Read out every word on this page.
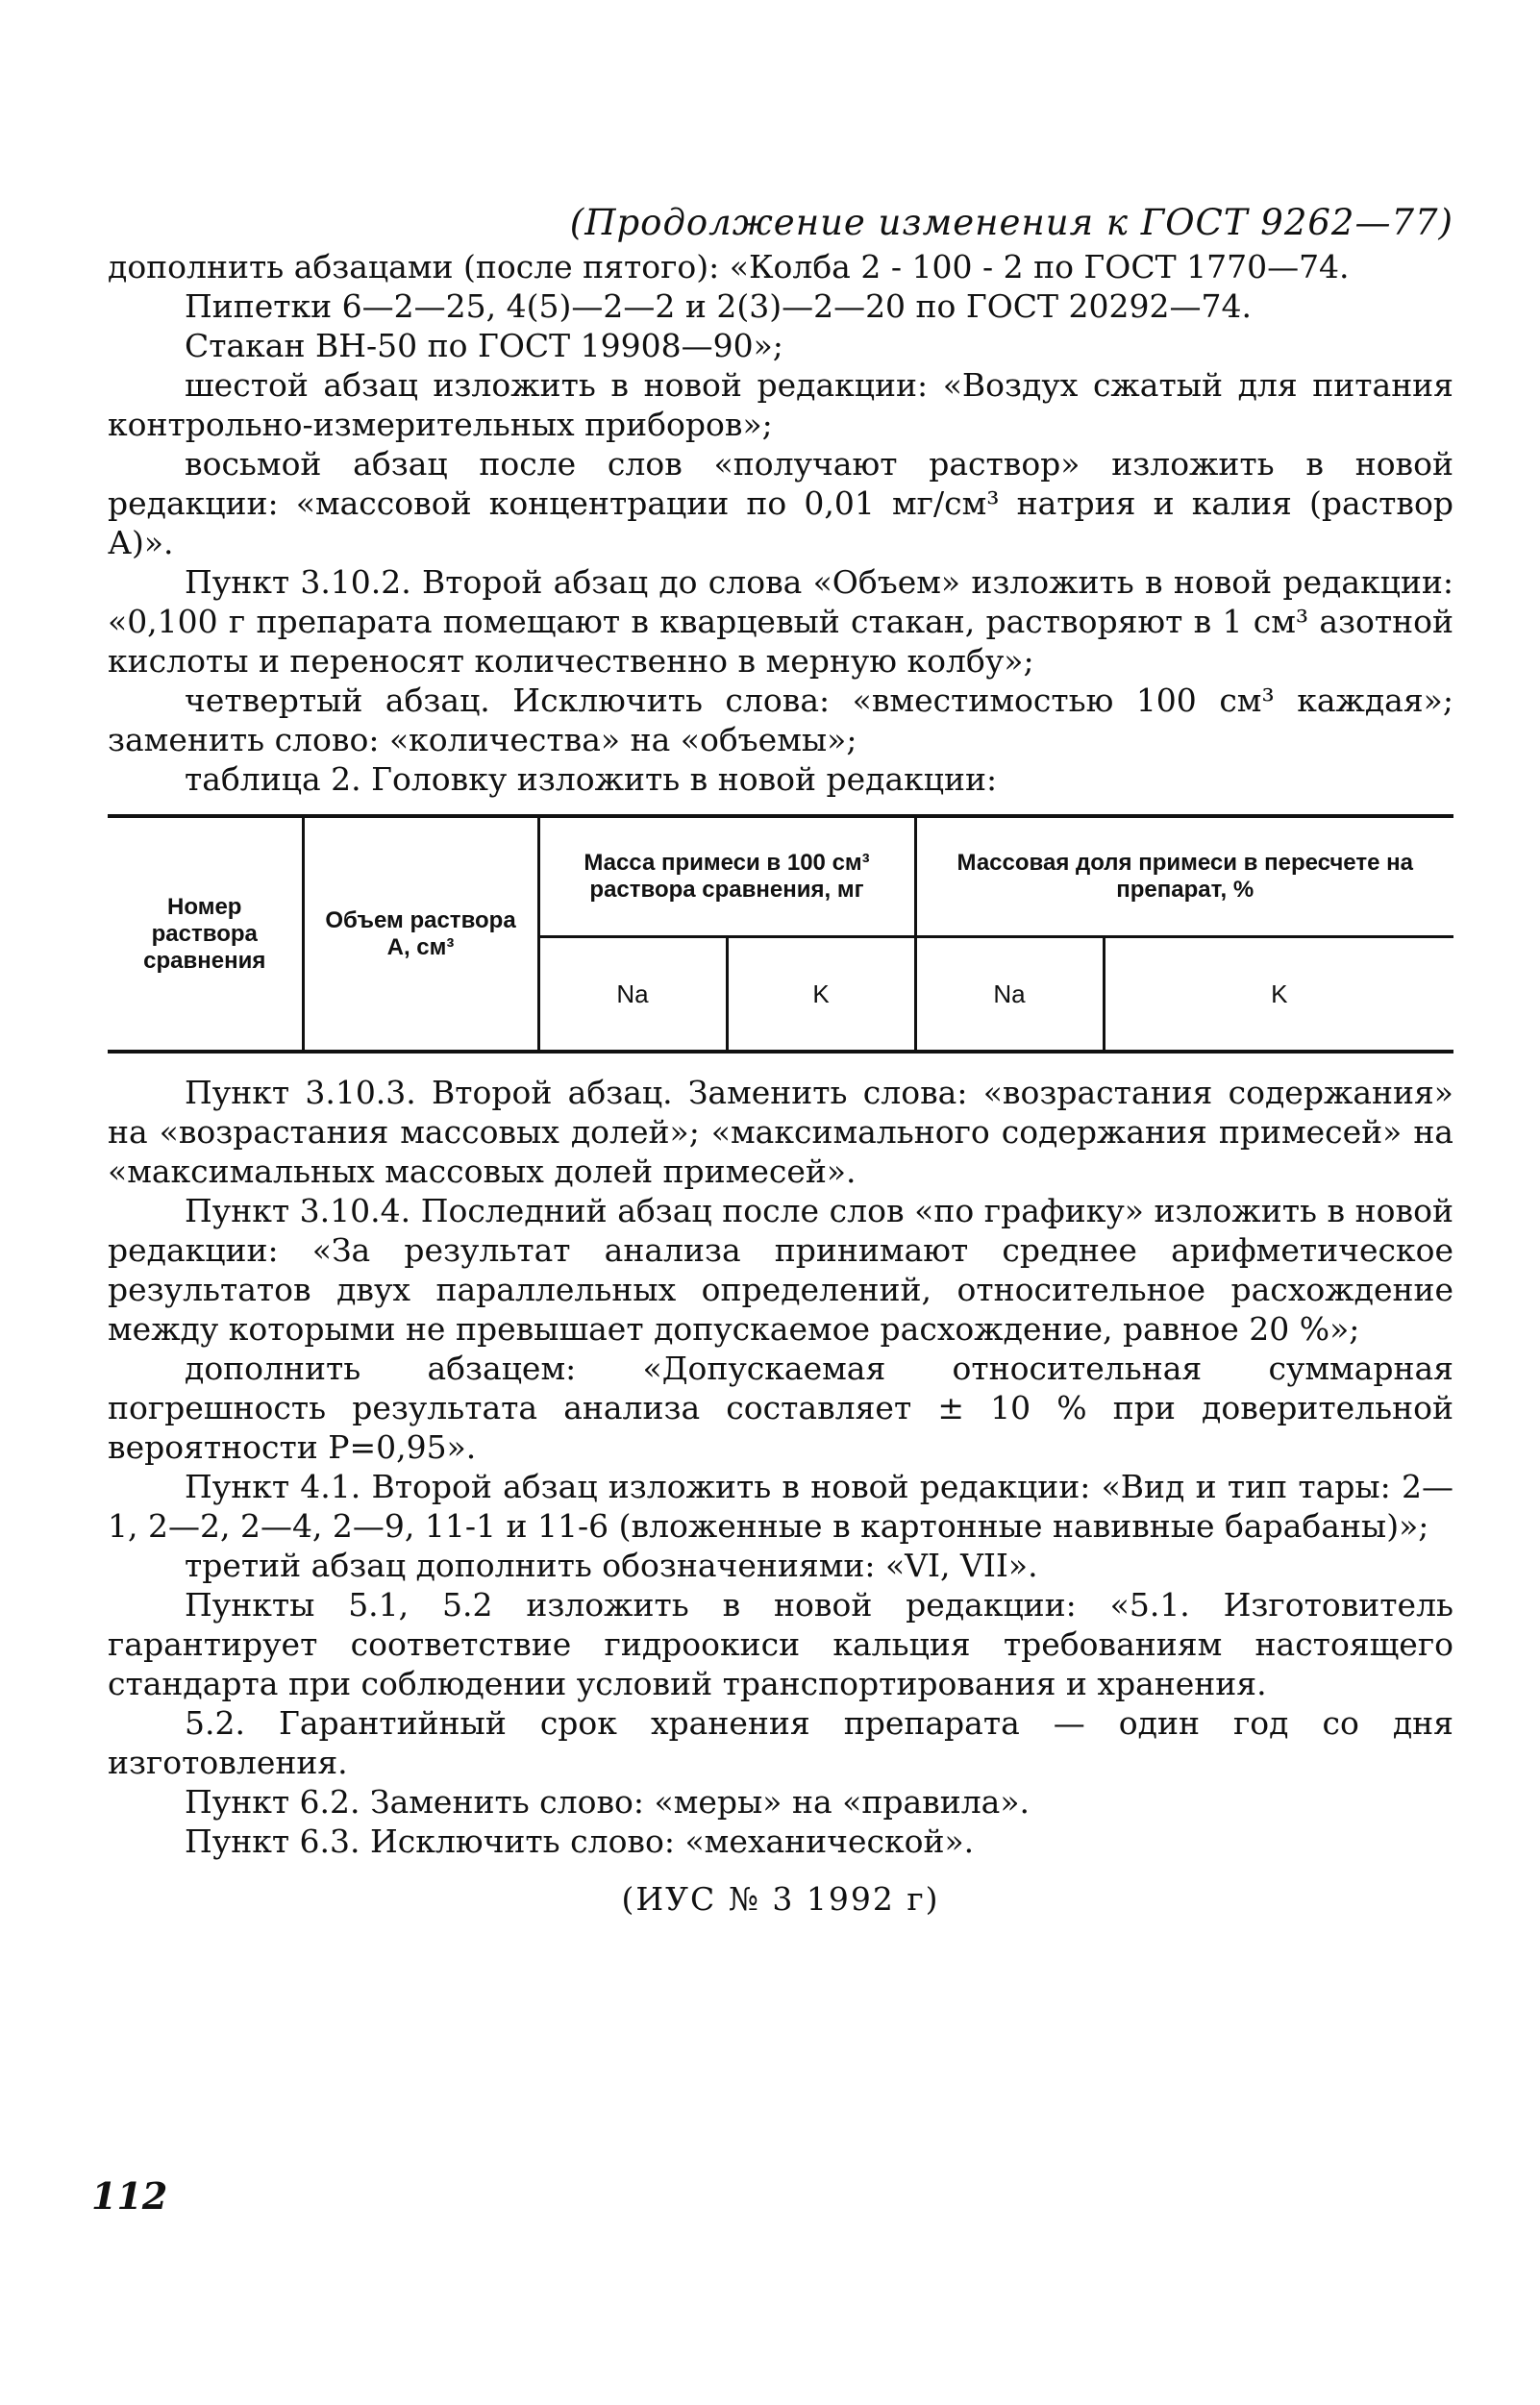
(Продолжение изменения к ГОСТ 9262—77)

дополнить абзацами (после пятого): «Колба 2 - 100 - 2 по ГОСТ 1770—74.

Пипетки 6—2—25, 4(5)—2—2 и 2(3)—2—20 по ГОСТ 20292—74.

Стакан ВН-50 по ГОСТ 19908—90»;

шестой абзац изложить в новой редакции: «Воздух сжатый для питания контрольно-измерительных приборов»;

восьмой абзац после слов «получают раствор» изложить в новой редакции: «массовой концентрации по 0,01 мг/см³ натрия и калия (раствор А)».

Пункт 3.10.2. Второй абзац до слова «Объем» изложить в новой редакции: «0,100 г препарата помещают в кварцевый стакан, растворяют в 1 см³ азотной кислоты и переносят количественно в мерную колбу»;

четвертый абзац. Исключить слова: «вместимостью 100 см³ каждая»; заменить слово: «количества» на «объемы»;

таблица 2. Головку изложить в новой редакции:

Номер раствора сравнения	Объем раствора А, см³	Масса примеси в 100 см³ раствора сравнения, мг		Массовая доля примеси в пересчете на препарат, %	
		Na	K	Na	K

Пункт 3.10.3. Второй абзац. Заменить слова: «возрастания содержания» на «возрастания массовых долей»; «максимального содержания примесей» на «максимальных массовых долей примесей».

Пункт 3.10.4. Последний абзац после слов «по графику» изложить в новой редакции: «За результат анализа принимают среднее арифметическое результатов двух параллельных определений, относительное расхождение между которыми не превышает допускаемое расхождение, равное 20 %»;

дополнить абзацем: «Допускаемая относительная суммарная погрешность результата анализа составляет ± 10 % при доверительной вероятности P=0,95».

Пункт 4.1. Второй абзац изложить в новой редакции: «Вид и тип тары: 2—1, 2—2, 2—4, 2—9, 11-1 и 11-6 (вложенные в картонные навивные барабаны)»;

третий абзац дополнить обозначениями: «VI, VII».

Пункты 5.1, 5.2 изложить в новой редакции: «5.1. Изготовитель гарантирует соответствие гидроокиси кальция требованиям настоящего стандарта при соблюдении условий транспортирования и хранения.

5.2. Гарантийный срок хранения препарата — один год со дня изготовления.

Пункт 6.2. Заменить слово: «меры» на «правила».

Пункт 6.3. Исключить слово: «механической».

(ИУС № 3 1992 г)
112
